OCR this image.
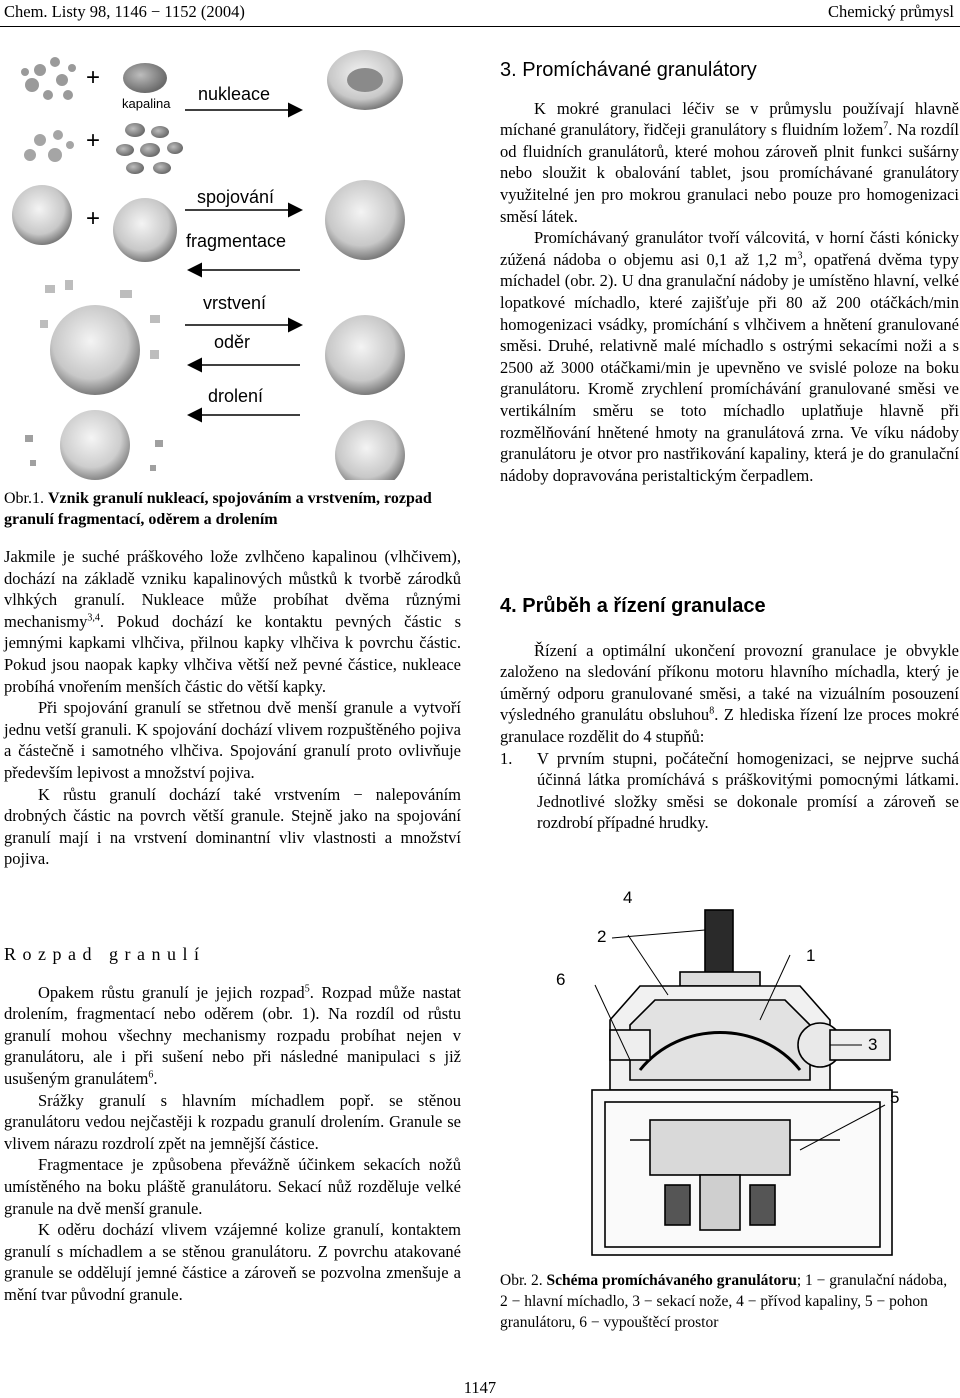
Chem. Listy 98, 1146 − 1152 (2004)	Chemický průmysl
+
+
+
kapalina nukleace
spojování
fragmentace
vrstvení
oděr
drolení
Obr.1. Vznik granulí nukleací, spojováním a vrstvením, rozpad granulí fragmentací, oděrem a drolením

Jakmile je suché práškového lože zvlhčeno kapalinou (vlhčivem), dochází na základě vzniku kapalinových můstků k tvorbě zárodků vlhkých granulí. Nukleace může probíhat dvěma různými mechanismy$^{3,4}$. Pokud dochází ke kontaktu pevných částic s jemnými kapkami vlhčiva, přilnou kapky vlhčiva k povrchu částic. Pokud jsou naopak kapky vlhčiva větší než pevné částice, nukleace probíhá vnořením menších částic do větší kapky.

Při spojování granulí se střetnou dvě menší granule a vytvoří jednu vetší granuli. K spojování dochází vlivem rozpuštěného pojiva a částečně i samotného vlhčiva. Spojování granulí proto ovlivňuje především lepivost a množství pojiva.

K růstu granulí dochází také vrstvením − nalepováním drobných částic na povrch větší granule. Stejně jako na spojování granulí mají i na vrstvení dominantní vliv vlastnosti a množství pojiva.

Rozpad granulí

Opakem růstu granulí je jejich rozpad$^5$. Rozpad může nastat drolením, fragmentací nebo oděrem (obr. 1). Na rozdíl od růstu granulí mohou všechny mechanismy rozpadu probíhat nejen v granulátoru, ale i při sušení nebo při následné manipulaci s již usušeným granulátem$^6$.

Srážky granulí s hlavním míchadlem popř. se stěnou granulátoru vedou nejčastěji k rozpadu granulí drolením. Granule se vlivem nárazu rozdrolí zpět na jemnější částice.

Fragmentace je způsobena převážně účinkem sekacích nožů umístěného na boku pláště granulátoru. Sekací nůž rozděluje velké granule na dvě menší granule.

K oděru dochází vlivem vzájemné kolize granulí, kontaktem granulí s míchadlem a se stěnou granulátoru. Z povrchu atakované granule se oddělují jemné částice a zároveň se pozvolna zmenšuje a mění tvar původní granule.

3. Promíchávané granulátory

K mokré granulaci léčiv se v průmyslu používají hlavně míchané granulátory, řidčeji granulátory s fluidním ložem$^7$. Na rozdíl od fluidních granulátorů, které mohou zároveň plnit funkci sušárny nebo sloužit k obalování tablet, jsou promíchávané granulátory využitelné jen pro mokrou granulaci nebo pouze pro homogenizaci směsí látek.

Promíchávaný granulátor tvoří válcovitá, v horní části kónicky zúžená nádoba o objemu asi 0,1 až 1,2 $m^3$, opatřená dvěma typy míchadel (obr. 2). U dna granulační nádoby je umístěno hlavní, velké lopatkové míchadlo, které zajišťuje při 80 až 200 otáčkách/min homogenizaci vsádky, promíchání s vlhčivem a hnětení granulované směsi. Druhé, relativně malé míchadlo s ostrými sekacími noži a s 2500 až 3000 otáčkami/min je upevněno ve svislé poloze na boku granulátoru. Kromě zrychlení promíchávání granulované směsi ve vertikálním směru se toto míchadlo uplatňuje hlavně při rozmělňování hnětené hmoty na granulátová zrna. Ve víku nádoby granulátoru je otvor pro nastřikování kapaliny, která je do granulační nádoby dopravována peristaltickým čerpadlem.

4. Průběh a řízení granulace

Řízení a optimální ukončení provozní granulace je obvykle založeno na sledování příkonu motoru hlavního míchadla, který je úměrný odporu granulované směsi, a také na vizuálním posouzení výsledného granulátu obsluhou$^8$. Z hlediska řízení lze proces mokré granulace rozdělit do 4 stupňů:

1. V prvním stupni, počáteční homogenizaci, se nejprve suchá účinná látka promíchává s práškovitými pomocnými látkami. Jednotlivé složky směsi se dokonale promísí a zároveň se rozdrobí případné hrudky.
4
2
1
6
3
5
Obr. 2. Schéma promíchávaného granulátoru; 1 − granulační nádoba, 2 − hlavní míchadlo, 3 − sekací nože, 4 − přívod kapaliny, 5 − pohon granulátoru, 6 − vypouštěcí prostor
1147
